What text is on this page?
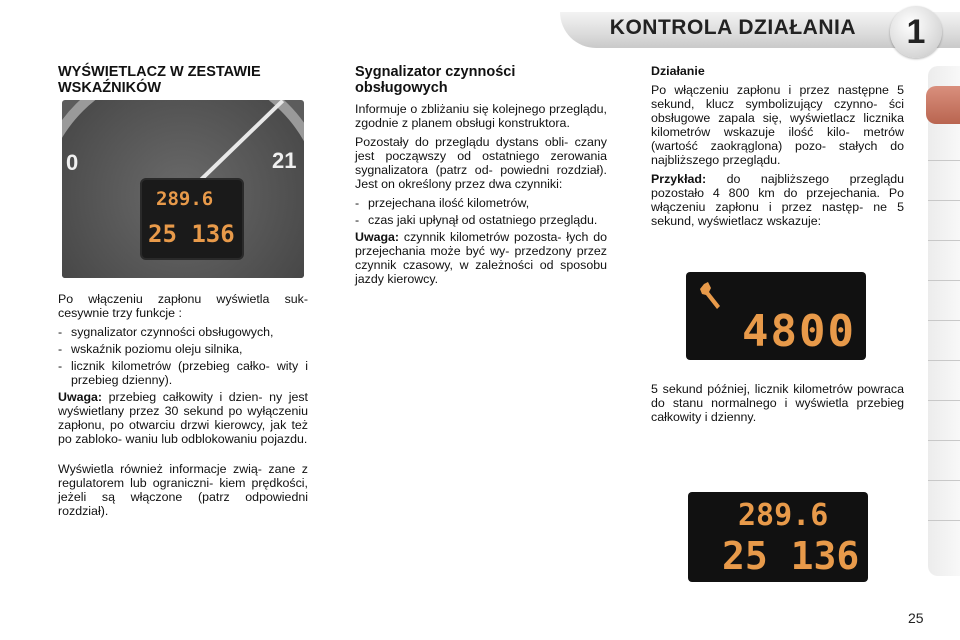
KONTROLA DZIAŁANIA	1
WYŚWIETLACZ W ZESTAWIE WSKAŹNIKÓW
0	21
289.6
25 136

Po włączeniu zapłonu wyświetla suk- cesywnie trzy funkcje :

- sygnalizator czynności obsługowych,
- wskaźnik poziomu oleju silnika,
- licznik kilometrów (przebieg całko- wity i przebieg dzienny).

Uwaga: przebieg całkowity i dzien- ny jest wyświetlany przez 30 sekund po wyłączeniu zapłonu, po otwarciu drzwi kierowcy, jak też po zabloko- waniu lub odblokowaniu pojazdu.

Wyświetla również informacje zwią- zane z regulatorem lub ograniczni- kiem prędkości, jeżeli są włączone (patrz odpowiedni rozdział).

Sygnalizator czynności obsługowych

Informuje o zbliżaniu się kolejnego przeglądu, zgodnie z planem obsługi konstruktora.

Pozostały do przeglądu dystans obli- czany jest począwszy od ostatniego zerowania sygnalizatora (patrz od- powiedni rozdział). Jest on określony przez dwa czynniki:

- przejechana ilość kilometrów,
- czas jaki upłynął od ostatniego przeglądu.

Uwaga: czynnik kilometrów pozosta- łych do przejechania może być wy- przedzony przez czynnik czasowy, w zależności od sposobu jazdy kierowcy.

Działanie

Po włączeniu zapłonu i przez następne 5 sekund, klucz symbolizujący czynno- ści obsługowe zapala się, wyświetlacz licznika kilometrów wskazuje ilość kilo- metrów (wartość zaokrąglona) pozo- stałych do najbliższego przeglądu.

Przykład: do najbliższego przeglądu pozostało 4 800 km do przejechania. Po włączeniu zapłonu i przez następ- ne 5 sekund, wyświetlacz wskazuje:

4800

5 sekund później, licznik kilometrów powraca do stanu normalnego i wyświetla przebieg całkowity i dzienny.

289.6
25 136
25
